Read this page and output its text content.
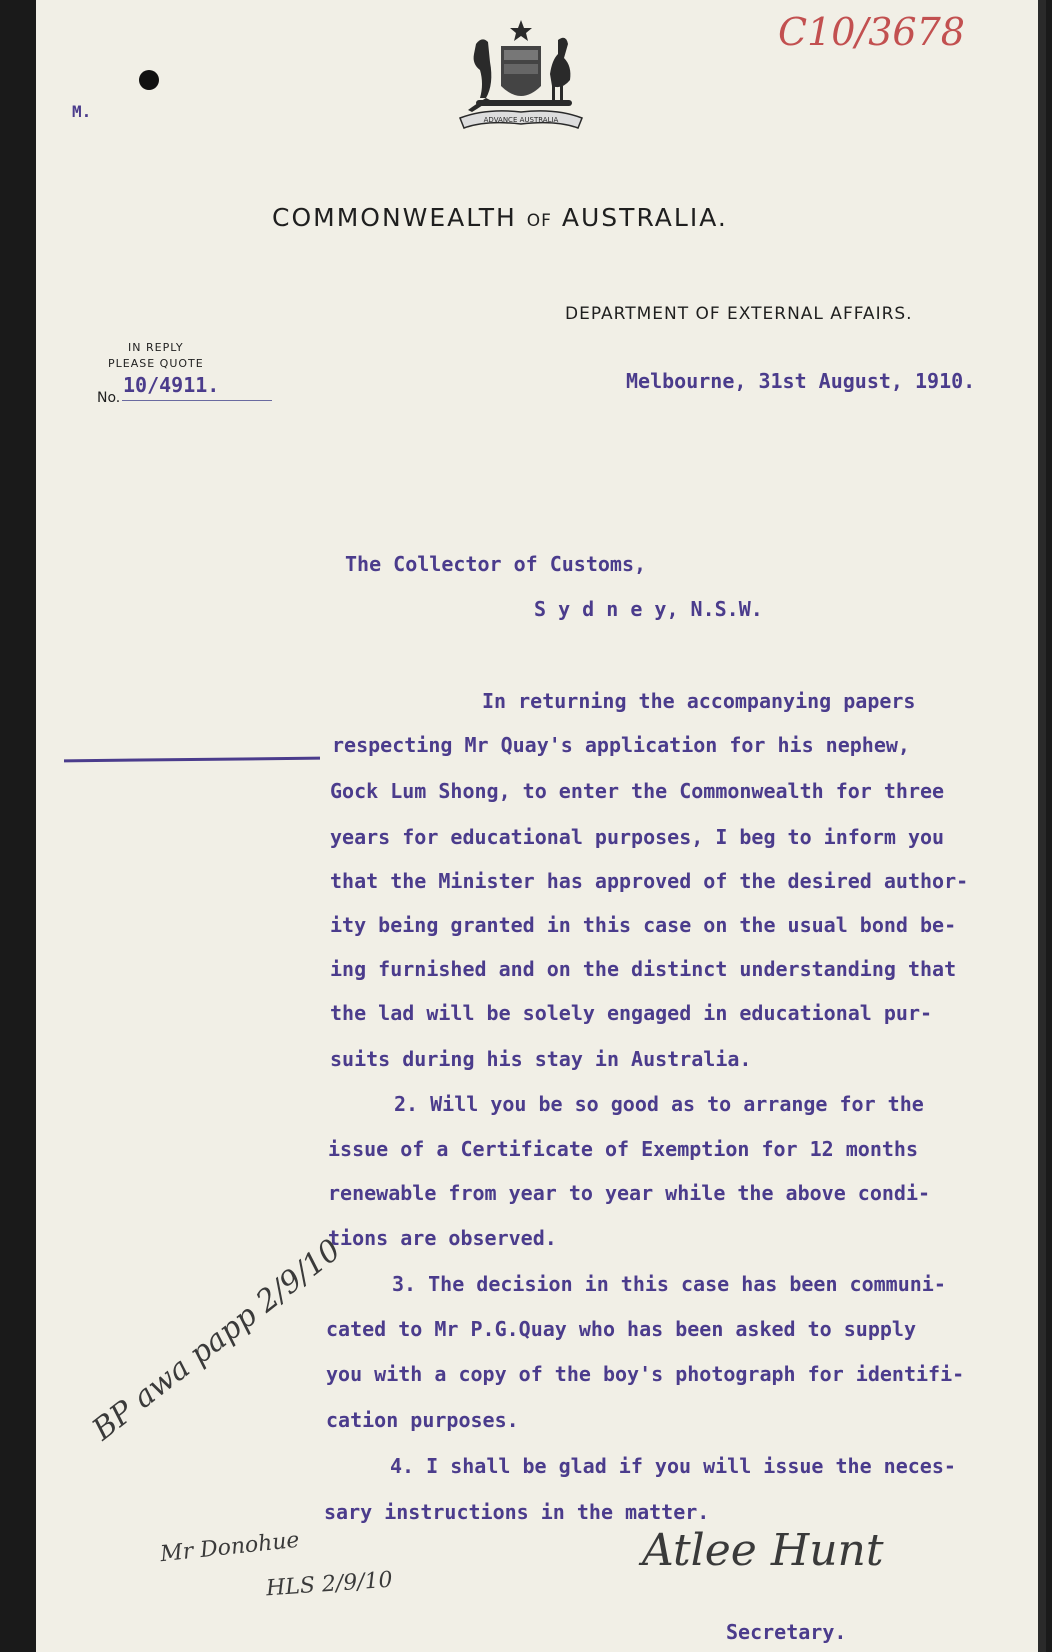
C10/3678
M.	ADVANCE AUSTRALIA
COMMONWEALTH OF AUSTRALIA.
DEPARTMENT OF EXTERNAL AFFAIRS.
IN REPLY
PLEASE QUOTE
No.
10/4911.	Melbourne, 31st August, 1910.
The Collector of Customs,
S y d n e y, N.S.W.
In returning the accompanying papers
respecting Mr Quay's application for his nephew,
Gock Lum Shong, to enter the Commonwealth for three
years for educational purposes, I beg to inform you
that the Minister has approved of the desired author-
ity being granted in this case on the usual bond be-
ing furnished and on the distinct understanding that
the lad will be solely engaged in educational pur-
suits during his stay in Australia.
2. Will you be so good as to arrange for the
issue of a Certificate of Exemption for 12 months
renewable from year to year while the above condi-
tions are observed.
3. The decision in this case has been communi-
cated to Mr P.G.Quay who has been asked to supply
you with a copy of the boy's photograph for identifi-
cation purposes.
4. I shall be glad if you will issue the neces-
sary instructions in the matter.
Atlee Hunt
Secretary.
BP awa papp 2/9/10
Mr Donohue
HLS 2/9/10
